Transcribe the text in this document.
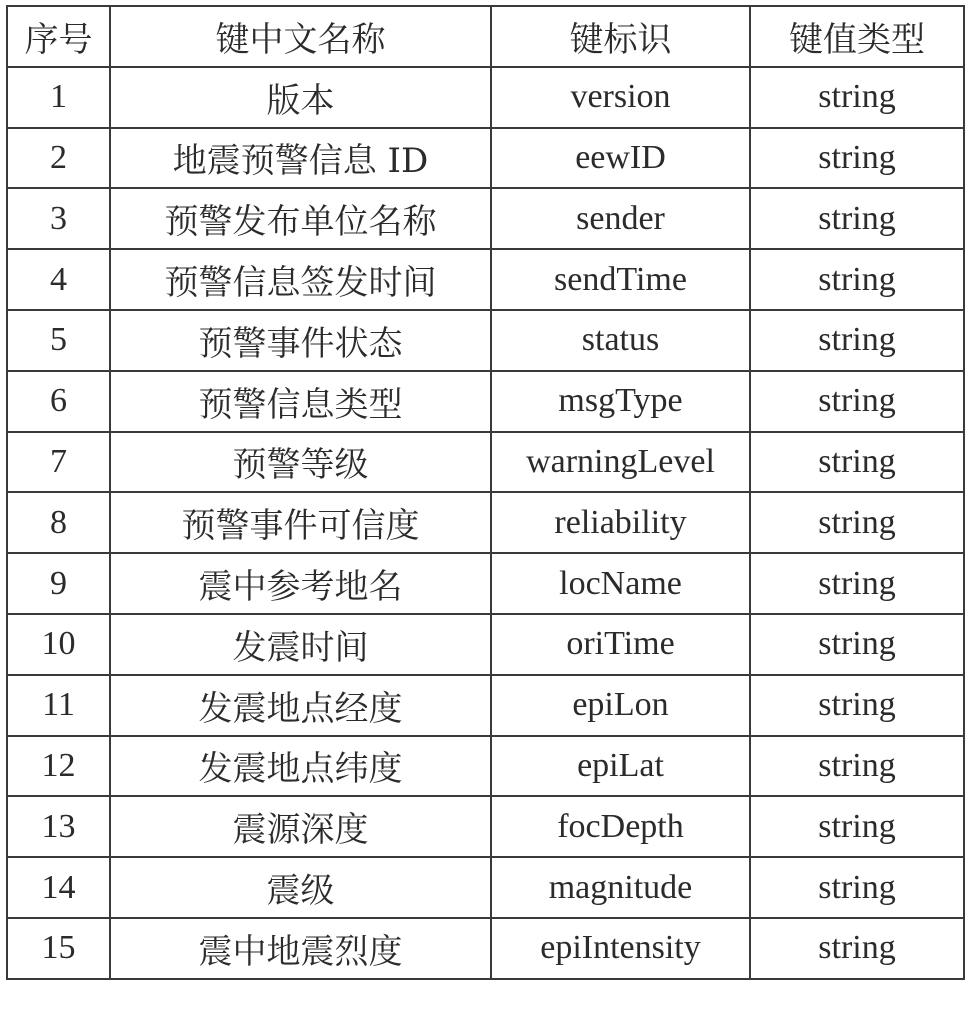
序号	键中文名称	键标识	键值类型
1	版本	version	string
2	地震预警信息 ID	eewID	string
3	预警发布单位名称	sender	string
4	预警信息签发时间	sendTime	string
5	预警事件状态	status	string
6	预警信息类型	msgType	string
7	预警等级	warningLevel	string
8	预警事件可信度	reliability	string
9	震中参考地名	locName	string
10	发震时间	oriTime	string
11	发震地点经度	epiLon	string
12	发震地点纬度	epiLat	string
13	震源深度	focDepth	string
14	震级	magnitude	string
15	震中地震烈度	epiIntensity	string
